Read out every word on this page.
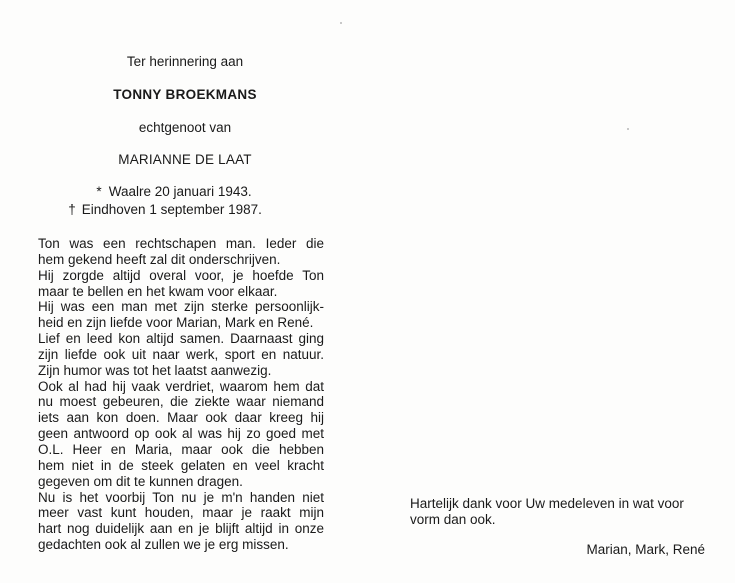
Ter herinnering aan
TONNY BROEKMANS
echtgenoot van
MARIANNE DE LAAT
* Waalre 20 januari 1943.
† Eindhoven 1 september 1987.
Ton was een rechtschapen man. Ieder die
hem gekend heeft zal dit onderschrijven.
Hij zorgde altijd overal voor, je hoefde Ton
maar te bellen en het kwam voor elkaar.
Hij was een man met zijn sterke persoonlijk-
heid en zijn liefde voor Marian, Mark en René.
Lief en leed kon altijd samen. Daarnaast ging
zijn liefde ook uit naar werk, sport en natuur.
Zijn humor was tot het laatst aanwezig.
Ook al had hij vaak verdriet, waarom hem dat
nu moest gebeuren, die ziekte waar niemand
iets aan kon doen. Maar ook daar kreeg hij
geen antwoord op ook al was hij zo goed met
O.L. Heer en Maria, maar ook die hebben
hem niet in de steek gelaten en veel kracht
gegeven om dit te kunnen dragen.
Nu is het voorbij Ton nu je m'n handen niet
meer vast kunt houden, maar je raakt mijn
hart nog duidelijk aan en je blijft altijd in onze
gedachten ook al zullen we je erg missen.
Hartelijk dank voor Uw medeleven in wat voor
vorm dan ook.
Marian, Mark, René
